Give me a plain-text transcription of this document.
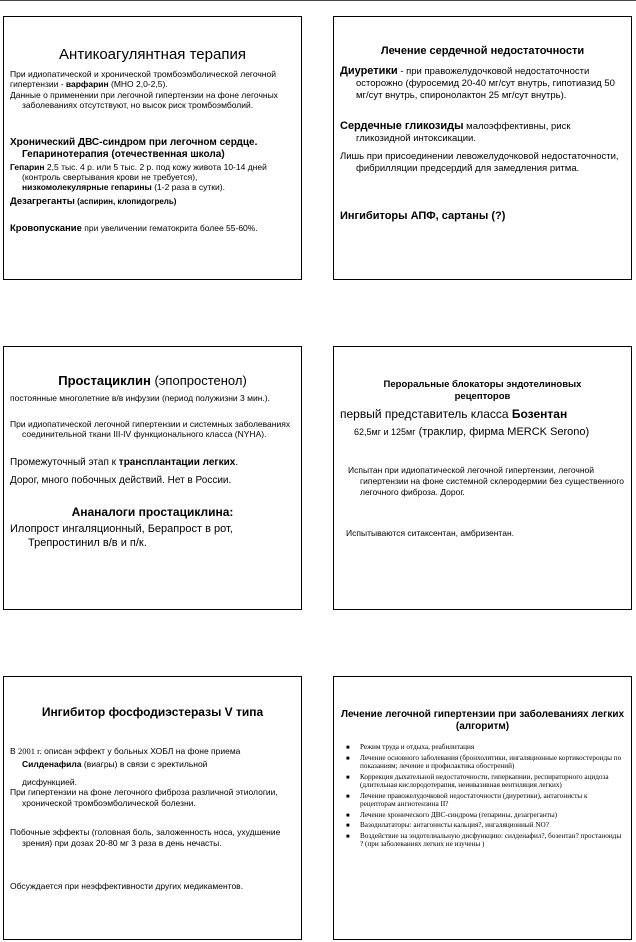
Антикоагулянтная терапия

При идиопатической и хронической тромбоэмболической легочной гипертензии - варфарин (МНО 2,0-2,5).

Данные о применении при легочной гипертензии на фоне легочных заболеваниях отсутствуют, но высок риск тромбоэмболий.

Хронический ДВС-синдром при легочном сердце.
Гепаринотерапия (отечественная школа)

Гепарин 2,5 тыс. 4 р. или 5 тыс. 2 р. под кожу живота 10-14 дней (контроль свертывания крови не требуется),
низкомолекулярные гепарины (1-2 раза в сутки).

Дезагреганты (аспирин, клопидогрель)

Кровопускание при увеличении гематокрита более 55-60%.

Лечение сердечной недостаточности

Диуретики - при правожелудочковой недостаточности осторожно (фуросемид 20-40 мг/сут внутрь, гипотиазид 50 мг/сут внутрь, спиронолактон 25 мг/сут внутрь).

Сердечные гликозиды малоэффективны, риск гликозидной интоксикации.

Лишь при присоединении левожелудочковой недостаточности, фибрилляции предсердий для замедления ритма.

Ингибиторы АПФ, сартаны (?)

Простациклин (эпопростенол)

постоянные многолетние в/в инфузии (период полужизни 3 мин.).

При идиопатической легочной гипертензии и системных заболеваниях соединительной ткани III-IV функционального класса (NYHA).

Промежуточный этап к трансплантации легких.

Дорог, много побочных действий. Нет в России.

Ананалоги простациклина:

Илопрост ингаляционный, Берапрост в рот, Трепростинил в/в и п/к.

Пероральные блокаторы эндотелиновых рецепторов

первый представитель класса Бозентан

62,5мг и 125мг (траклир, фирма MERCK Serono)

Испытан при идиопатической легочной гипертензии, легочной гипертензии на фоне системной склеродермии без существенного легочного фиброза. Дорог.

Испытываются ситаксентан, амбризентан.

Ингибитор фосфодиэстеразы V типа

В 2001 г. описан эффект у больных ХОБЛ на фоне приема Силденафила (виагры) в связи с эректильной
дисфункцией.

При гипертензии на фоне легочного фиброза различной этиологии, хронической тромбоэмболической болезни.

Побочные эффекты (головная боль, заложенность носа, ухудшение зрения) при дозах 20-80 мг 3 раза в день нечасты.

Обсуждается при неэффективности других медикаментов.

Лечение легочной гипертензии при заболеваниях легких (алгоритм)

■ Режим труда и отдыха, реабилитация
■ Лечение основного заболевания (бронхолитики, ингаляционные кортикостероиды по показаниям; лечение и профилактика обострений)
■ Коррекция дыхательной недостаточности, гиперкапнии, респираторного ацидоза (длительная кислородотерапия, неинвазивная вентиляция легких)
■ Лечение правожелудочковой недостаточности (диуретики), антагонисты к рецепторам ангиотензина II?
■ Лечение хронического ДВС-синдрома (гепарины, дезагреганты)
■ Вазодилататоры: антагонисты кальция?, ингаляционный NO?
■ Воздействие на эндотелиальную дисфункцию: силденафил?, бозентан? простаноиды ? (при заболеваниях легких не изучены )
